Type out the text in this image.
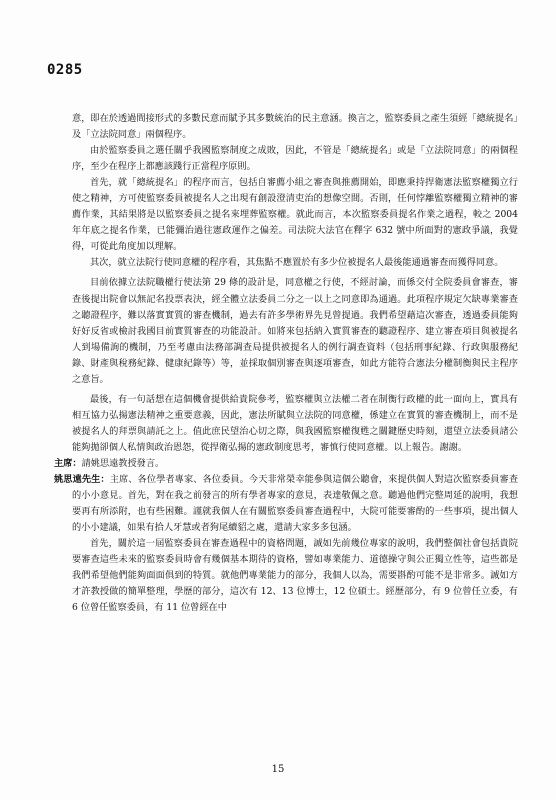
0285

意，即在於透過間接形式的多數民意而賦予其多數統治的民主意涵。換言之，監察委員之產生須經「總統提名」及「立法院同意」兩個程序。

由於監察委員之選任關乎我國監察制度之成敗，因此，不管是「總統提名」或是「立法院同意」的兩個程序，至少在程序上都應該踐行正當程序原則。

首先，就「總統提名」的程序而言，包括自審薦小組之審查與推薦開始，即應秉持捍衛憲法監察權獨立行使之精神，方可使監察委員被提名人之出現有創設澄清吏治的想像空間。否則，任何悖離監察權獨立精神的審薦作業，其結果將是以監察委員之提名來埋葬監察權。就此而言，本次監察委員提名作業之過程，較之 2004 年年底之提名作業，已能彌治過往憲政運作之偏差。司法院大法官在釋字 632 號中所面對的憲政爭議，我覺得，可從此角度加以理解。

其次，就立法院行使同意權的程序看，其焦點不應置於有多少位被提名人最後能通過審查而獲得同意。

目前依據立法院職權行使法第 29 條的設計是，同意權之行使，不經討論，而係交付全院委員會審查，審查後提出院會以無記名投票表決，經全體立法委員二分之一以上之同意即為通過。此項程序規定欠缺專業審查之聽證程序，難以落實實質的審查機制，過去有許多學術界先見曾提過。我們希望藉這次審查，透過委員能夠好好反省或檢討我國目前實質審查的功能設計。如將來包括納入實質審查的聽證程序、建立審查項目與被提名人到場備詢的機制，乃至考慮由法務部調查局提供被提名人的例行調查資料（包括刑事紀錄、行政與服務紀錄、財產與稅務紀錄、健康紀錄等）等，並採取個別審查與逐項審查，如此方能符合憲法分權制衡與民主程序之意旨。

最後，有一句話想在這個機會提供給貴院參考，監察權與立法權二者在制衡行政權的此一面向上，實具有相互協力弘揚憲法精神之重要意義，因此，憲法所賦與立法院的同意權，係建立在實質的審查機制上，而不是被提名人的拜票與請託之上。值此庶民望治心切之際，與我國監察權復甦之關鍵歷史時刻，還望立法委員諸公能夠拋卻個人私情與政治恩怨，從捍衛弘揚的憲政制度思考，審慎行使同意權。以上報告。謝謝。

主席：請姚思遠教授發言。

姚思遠先生：主席、各位學者專家、各位委員。今天非常榮幸能參與這個公聽會，來提供個人對這次監察委員審查的小小意見。首先，對在我之前發言的所有學者專家的意見，表達敬佩之意。聽過他們完整周延的說明，我想要再有所添附，也有些困難。謹就我個人在有關監察委員審查過程中，大院可能要審酌的一些事項，提出個人的小小建議，如果有拾人牙慧或者狗尾續貂之處，還請大家多多包涵。

首先，關於這一屆監察委員在審查過程中的資格問題，誠如先前幾位專家的說明，我們整個社會包括貴院要審查這些未來的監察委員時會有幾個基本期待的資格，譬如專業能力、道德操守與公正獨立性等，這些都是我們希望他們能夠面面俱到的特質。就他們專業能力的部分，我個人以為，需要斟酌可能不是非常多。誠如方才許教授做的簡單整理，學歷的部分，這次有 12、13 位博士，12 位碩士。經歷部分，有 9 位曾任立委，有 6 位曾任監察委員，有 11 位曾經在中

15
